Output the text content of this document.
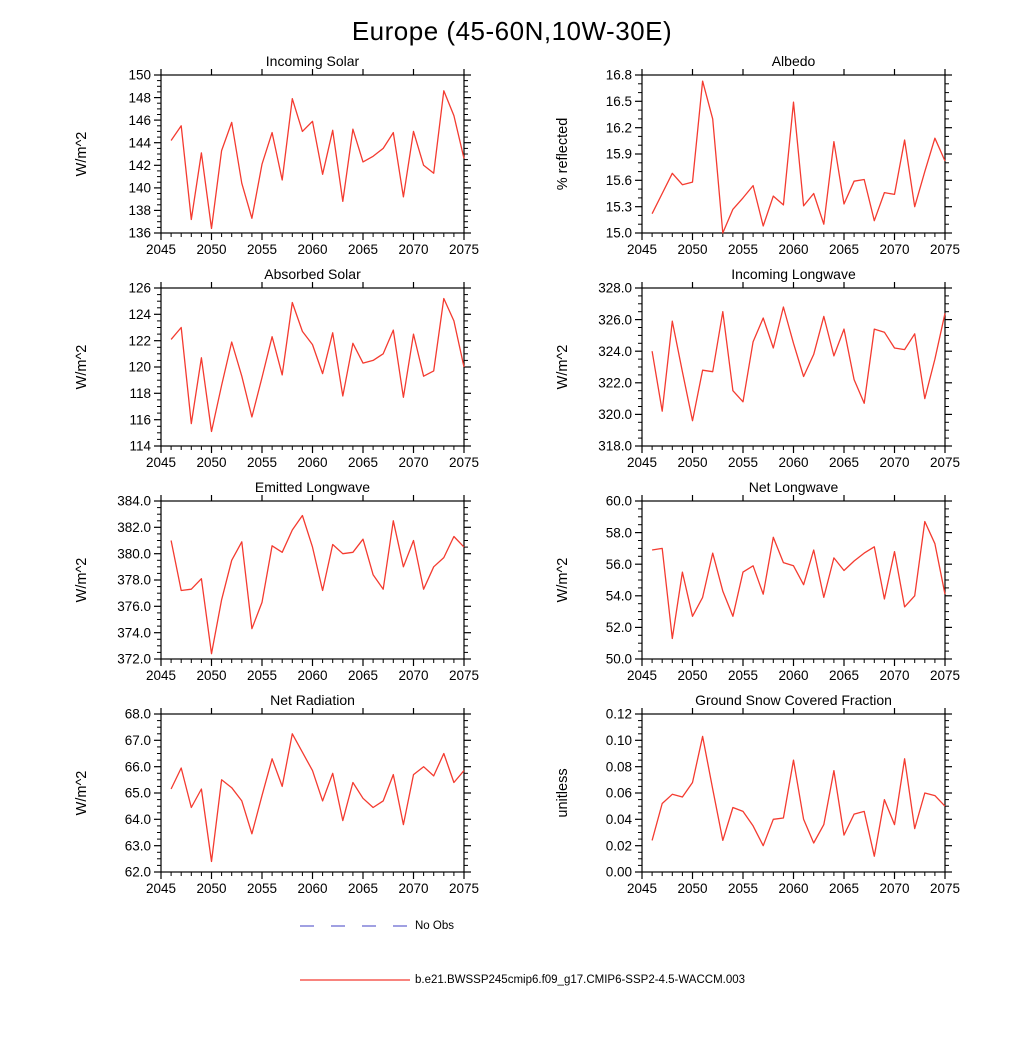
Europe (45-60N,10W-30E)
Incoming Solar
W/m^2
136
138
140
142
144
146
148
150
2045 2050 2055 2060 2065 2070 2075
Albedo
% reflected
15.0
15.3
15.6
15.9
16.2
16.5
16.8
2045 2050 2055 2060 2065 2070 2075
Absorbed Solar
W/m^2
114
116
118
120
122
124
126
2045 2050 2055 2060 2065 2070 2075
Incoming Longwave
W/m^2
318.0
320.0
322.0
324.0
326.0
328.0
2045 2050 2055 2060 2065 2070 2075
Emitted Longwave
W/m^2
372.0
374.0
376.0
378.0
380.0
382.0
384.0
2045 2050 2055 2060 2065 2070 2075
Net Longwave
W/m^2
50.0
52.0
54.0
56.0
58.0
60.0
2045 2050 2055 2060 2065 2070 2075
Net Radiation
W/m^2
62.0
63.0
64.0
65.0
66.0
67.0
68.0
2045 2050 2055 2060 2065 2070 2075
Ground Snow Covered Fraction
unitless
0.00
0.02
0.04
0.06
0.08
0.10
0.12
2045 2050 2055 2060 2065 2070 2075
No Obs
b.e21.BWSSP245cmip6.f09_g17.CMIP6-SSP2-4.5-WACCM.003
